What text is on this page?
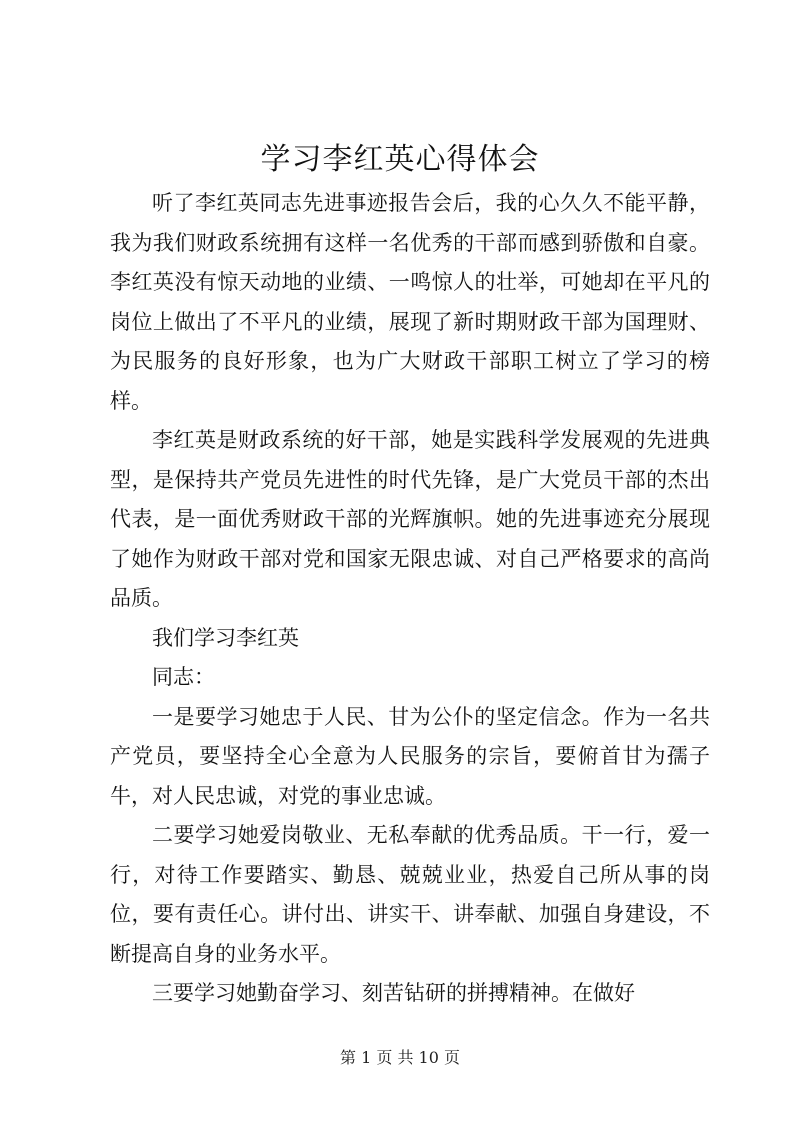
学习李红英心得体会

听了李红英同志先进事迹报告会后，我的心久久不能平静，我为我们财政系统拥有这样一名优秀的干部而感到骄傲和自豪。李红英没有惊天动地的业绩、一鸣惊人的壮举，可她却在平凡的岗位上做出了不平凡的业绩，展现了新时期财政干部为国理财、为民服务的良好形象，也为广大财政干部职工树立了学习的榜样。

李红英是财政系统的好干部，她是实践科学发展观的先进典型，是保持共产党员先进性的时代先锋，是广大党员干部的杰出代表，是一面优秀财政干部的光辉旗帜。她的先进事迹充分展现了她作为财政干部对党和国家无限忠诚、对自己严格要求的高尚品质。

我们学习李红英

同志：

一是要学习她忠于人民、甘为公仆的坚定信念。作为一名共产党员，要坚持全心全意为人民服务的宗旨，要俯首甘为孺子牛，对人民忠诚，对党的事业忠诚。

二要学习她爱岗敬业、无私奉献的优秀品质。干一行，爱一行，对待工作要踏实、勤恳、兢兢业业，热爱自己所从事的岗位，要有责任心。讲付出、讲实干、讲奉献、加强自身建设，不断提高自身的业务水平。

三要学习她勤奋学习、刻苦钻研的拼搏精神。在做好

第 1 页 共 10 页
